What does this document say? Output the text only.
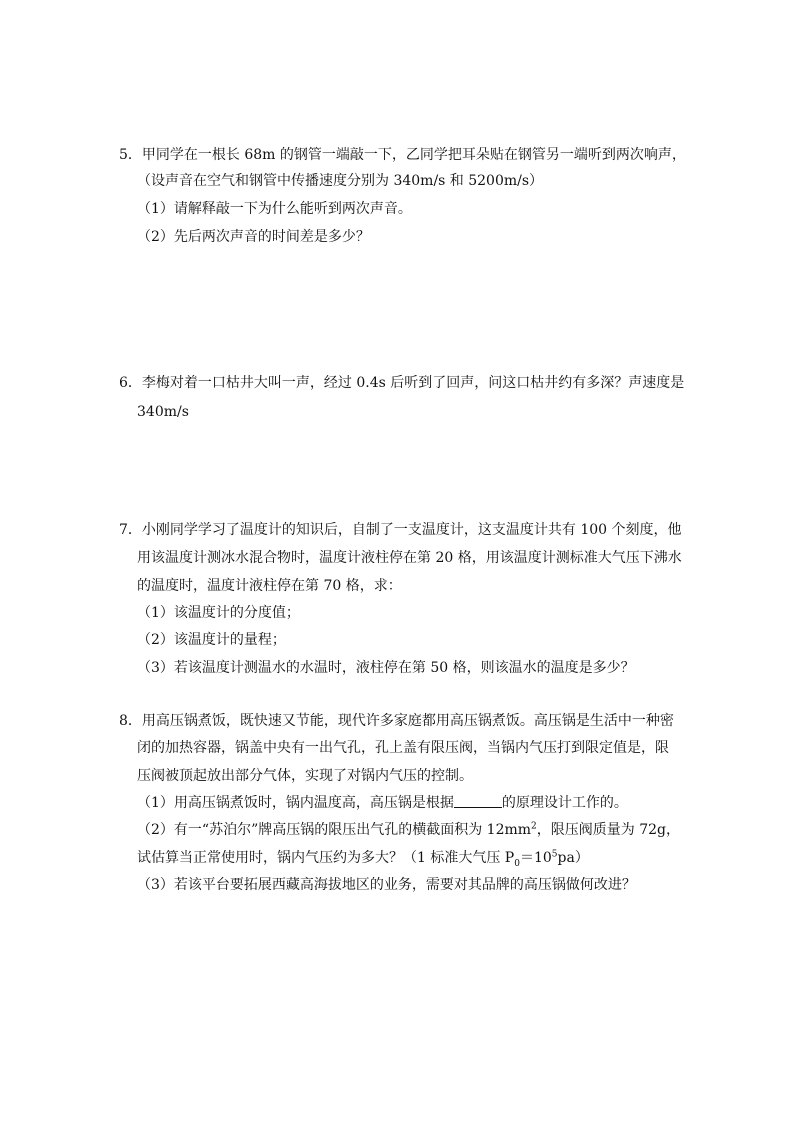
5．甲同学在一根长 68m 的钢管一端敲一下，乙同学把耳朵贴在钢管另一端听到两次响声，
（设声音在空气和钢管中传播速度分别为 340m/s 和 5200m/s）
（1）请解释敲一下为什么能听到两次声音。
（2）先后两次声音的时间差是多少？
6．李梅对着一口枯井大叫一声，经过 0.4s 后听到了回声，问这口枯井约有多深？声速度是
340m/s
7．小刚同学学习了温度计的知识后，自制了一支温度计，这支温度计共有 100 个刻度，他
用该温度计测冰水混合物时，温度计液柱停在第 20 格，用该温度计测标准大气压下沸水
的温度时，温度计液柱停在第 70 格，求：
（1）该温度计的分度值；
（2）该温度计的量程；
（3）若该温度计测温水的水温时，液柱停在第 50 格，则该温水的温度是多少？
8．用高压锅煮饭，既快速又节能，现代许多家庭都用高压锅煮饭。高压锅是生活中一种密
闭的加热容器，锅盖中央有一出气孔，孔上盖有限压阀，当锅内气压打到限定值是，限
压阀被顶起放出部分气体，实现了对锅内气压的控制。
（1）用高压锅煮饭时，锅内温度高，高压锅是根据	的原理设计工作的。
（2）有一“苏泊尔”牌高压锅的限压出气孔的横截面积为 $12mm^2$，限压阀质量为 72g，
试估算当正常使用时，锅内气压约为多大？（1 标准大气压 $P_0=10^5pa$）
（3）若该平台要拓展西藏高海拔地区的业务，需要对其品牌的高压锅做何改进？
